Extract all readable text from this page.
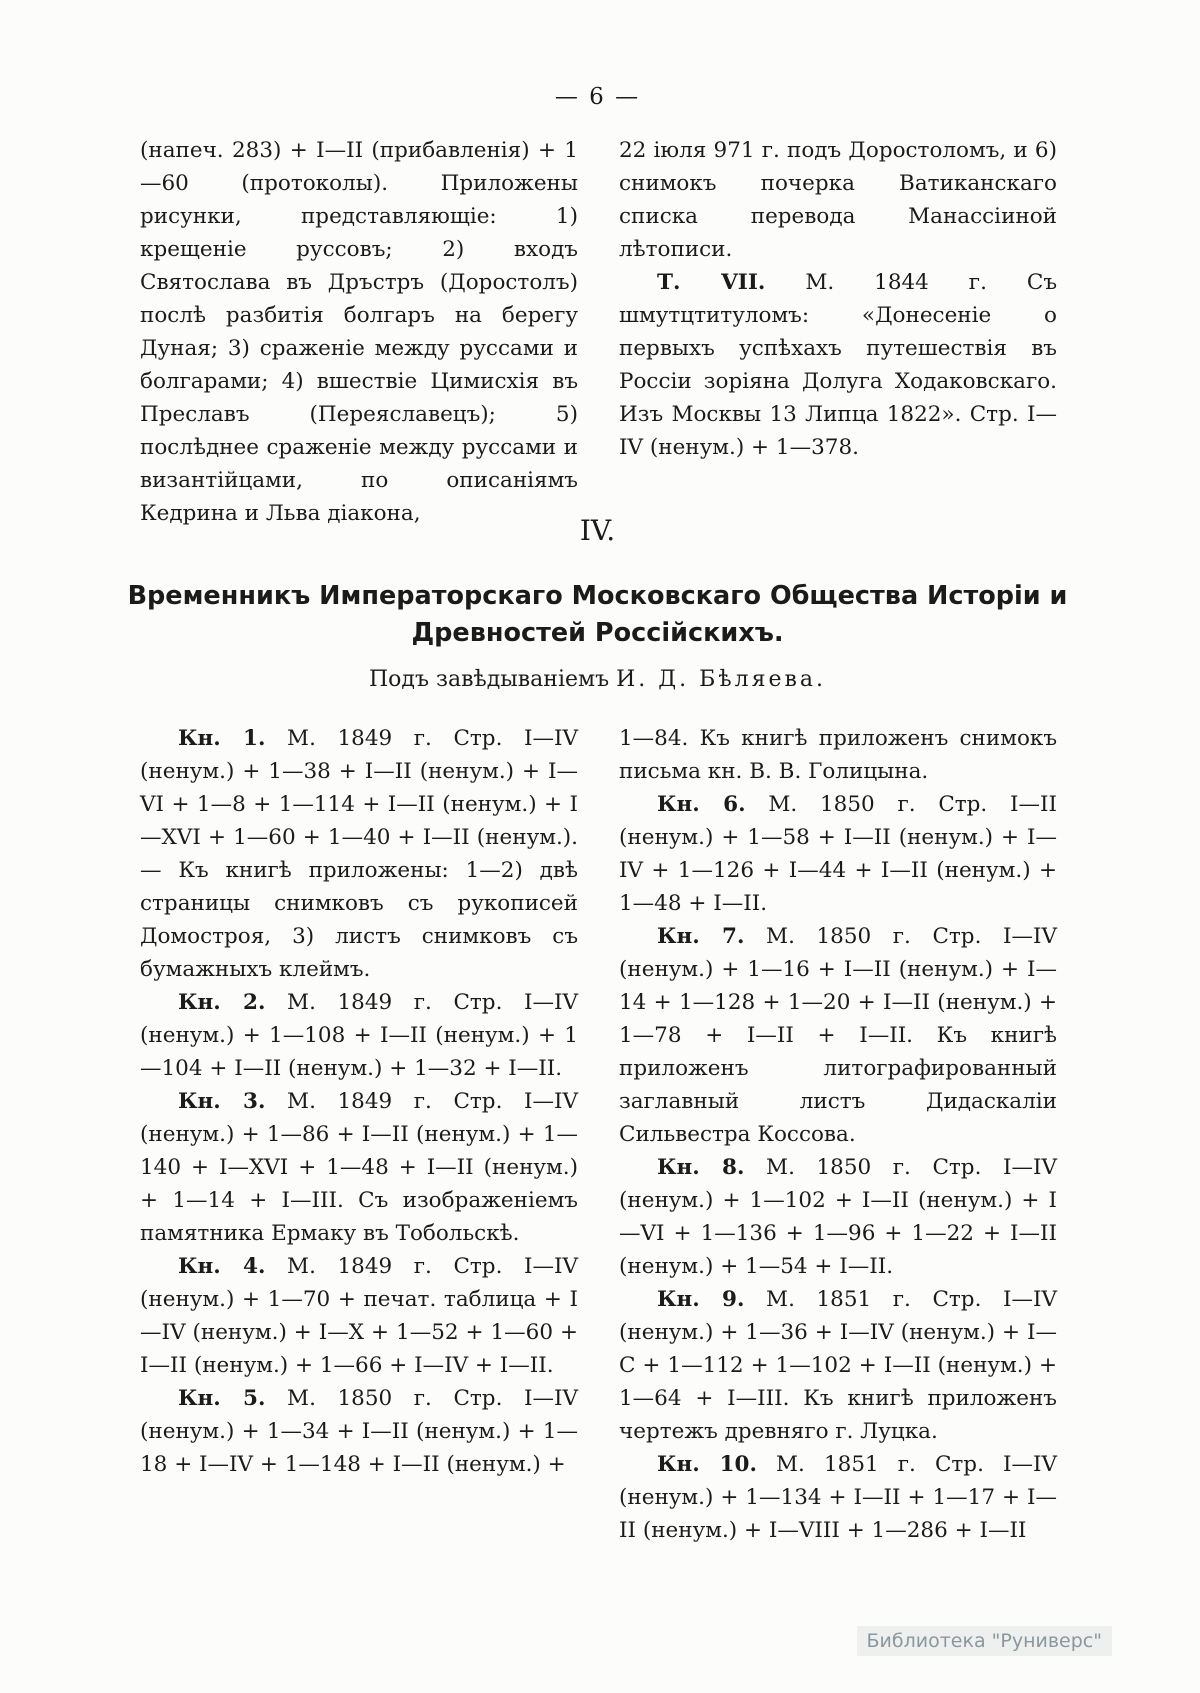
— 6 —

(напеч. 283) + I—II (прибавленія) + 1—60 (протоколы). Приложены рисунки, представляющіе: 1) крещеніе руссовъ; 2) входъ Святослава въ Дръстръ (Доростолъ) послѣ разбитія болгаръ на берегу Дуная; 3) сраженіе между руссами и болгарами; 4) вшествіе Цимисхія въ Преславъ (Переяславецъ); 5) послѣднее сраженіе между руссами и византійцами, по описаніямъ Кедрина и Льва діакона,

22 іюля 971 г. подъ Доростоломъ, и 6) снимокъ почерка Ватиканскаго списка перевода Манассіиной лѣтописи.

Т. VII. М. 1844 г. Съ шмутцтитуломъ: «Донесеніе о первыхъ успѣхахъ путешествія въ Россіи зоріяна Долуга Ходаковскаго. Изъ Москвы 13 Липца 1822». Стр. I—IV (ненум.) + 1—378.

IV.
Временникъ Императорскаго Московскаго Общества Исторіи и
Древностей Россійскихъ.
Подъ завѣдываніемъ И. Д. Бѣляева.

Кн. 1. М. 1849 г. Стр. I—IV (ненум.) + 1—38 + I—II (ненум.) + I—VI + 1—8 + 1—114 + I—II (ненум.) + I—XVI + 1—60 + 1—40 + I—II (ненум.). — Къ книгѣ приложены: 1—2) двѣ страницы снимковъ съ рукописей Домостроя, 3) листъ снимковъ съ бумажныхъ клеймъ.

Кн. 2. М. 1849 г. Стр. I—IV (ненум.) + 1—108 + I—II (ненум.) + 1—104 + I—II (ненум.) + 1—32 + I—II.

Кн. 3. М. 1849 г. Стр. I—IV (ненум.) + 1—86 + I—II (ненум.) + 1—140 + I—XVI + 1—48 + I—II (ненум.) + 1—14 + I—III. Съ изображеніемъ памятника Ермаку въ Тобольскѣ.

Кн. 4. М. 1849 г. Стр. I—IV (ненум.) + 1—70 + печат. таблица + I—IV (ненум.) + I—X + 1—52 + 1—60 + I—II (ненум.) + 1—66 + I—IV + I—II.

Кн. 5. М. 1850 г. Стр. I—IV (ненум.) + 1—34 + I—II (ненум.) + 1—18 + I—IV + 1—148 + I—II (ненум.) +

1—84. Къ книгѣ приложенъ снимокъ письма кн. В. В. Голицына.

Кн. 6. М. 1850 г. Стр. I—II (ненум.) + 1—58 + I—II (ненум.) + I—IV + 1—126 + I—44 + I—II (ненум.) + 1—48 + I—II.

Кн. 7. М. 1850 г. Стр. I—IV (ненум.) + 1—16 + I—II (ненум.) + I—14 + 1—128 + 1—20 + I—II (ненум.) + 1—78 + I—II + I—II. Къ книгѣ приложенъ литографированный заглавный листъ Дидаскаліи Сильвестра Коссова.

Кн. 8. М. 1850 г. Стр. I—IV (ненум.) + 1—102 + I—II (ненум.) + I—VI + 1—136 + 1—96 + 1—22 + I—II (ненум.) + 1—54 + I—II.

Кн. 9. М. 1851 г. Стр. I—IV (ненум.) + 1—36 + I—IV (ненум.) + I—С + 1—112 + 1—102 + I—II (ненум.) + 1—64 + I—III. Къ книгѣ приложенъ чертежъ древняго г. Луцка.

Кн. 10. М. 1851 г. Стр. I—IV (ненум.) + 1—134 + I—II + 1—17 + I—II (ненум.) + I—VIII + 1—286 + I—II

Библиотека "Руниверс"
